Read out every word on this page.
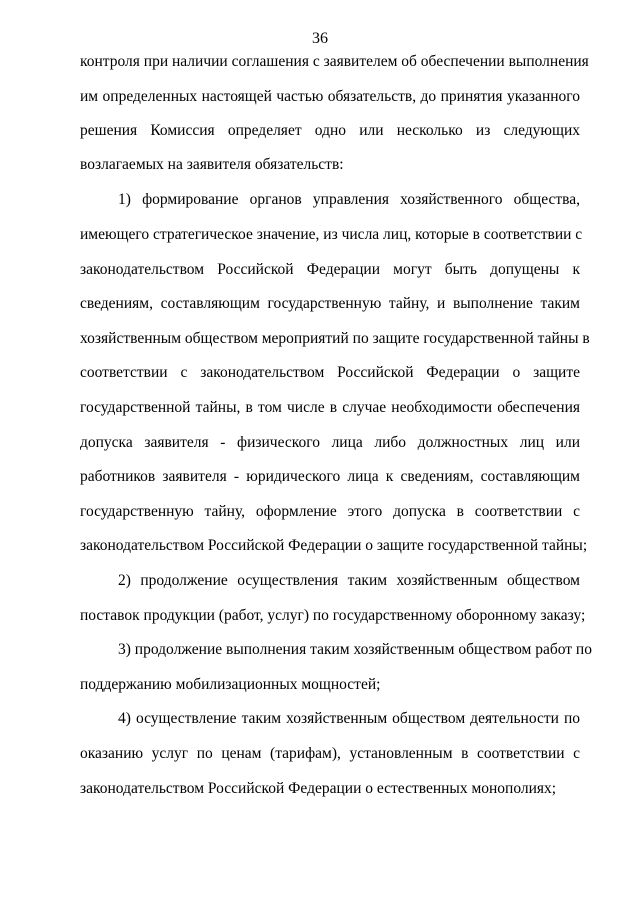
36
контроля при наличии соглашения с заявителем об обеспечении выполнения
им определенных настоящей частью обязательств, до принятия указанного
решения Комиссия определяет одно или несколько из следующих
возлагаемых на заявителя обязательств:
1) формирование органов управления хозяйственного общества,
имеющего стратегическое значение, из числа лиц, которые в соответствии с
законодательством Российской Федерации могут быть допущены к
сведениям, составляющим государственную тайну, и выполнение таким
хозяйственным обществом мероприятий по защите государственной тайны в
соответствии с законодательством Российской Федерации о защите
государственной тайны, в том числе в случае необходимости обеспечения
допуска заявителя - физического лица либо должностных лиц или
работников заявителя - юридического лица к сведениям, составляющим
государственную тайну, оформление этого допуска в соответствии с
законодательством Российской Федерации о защите государственной тайны;
2) продолжение осуществления таким хозяйственным обществом
поставок продукции (работ, услуг) по государственному оборонному заказу;
3) продолжение выполнения таким хозяйственным обществом работ по
поддержанию мобилизационных мощностей;
4) осуществление таким хозяйственным обществом деятельности по
оказанию услуг по ценам (тарифам), установленным в соответствии с
законодательством Российской Федерации о естественных монополиях;
